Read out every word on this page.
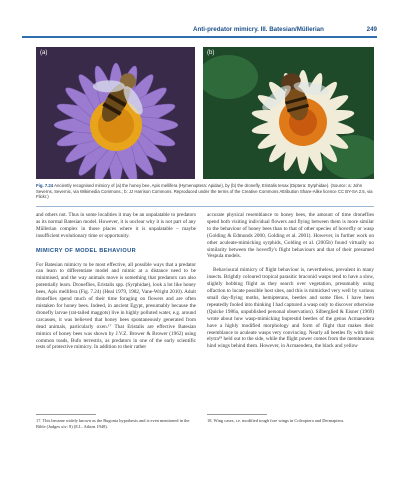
Anti-predator mimicry. III. Batesian/Müllerian	249
(a)	(b)
Fig. 7.24 Anciently recognised mimicry of (a) the honey bee, Apis mellifera (Hymenoptera: Apidae), by (b) the dronefly, Eristalis tenax (Diptera: Syrphidae). (Source: a: John Severns, Severnic, via Wikimedia Commons.; b: JJ Harrison Commons. Reproduced under the terms of the Creative Commons Attribution Share-Alike licence CC BY-SA 2.5, via Flickr.)

and others not. Thus in some localities it may be an unpalatable to predators as its normal Batesian model. However, it is unclear why it is not part of any Müllerian complex in those places where it is unpalatable – maybe insufficient evolutionary time or opportunity.

MIMICRY OF MODEL BEHAVIOUR

For Batesian mimicry to be most effective, all possible ways that a predator can learn to differentiate model and mimic at a distance need to be minimised, and the way animals move is something that predators can also potentially learn. Droneflies, Eristalis spp. (Syrphidae), look a lot like honey bees, Apis mellifera (Fig. 7.24) (Heal 1979, 1982, Vane-Wright 2010). Adult droneflies spend much of their time foraging on flowers and are often mistaken for honey bees. Indeed, in ancient Egypt, presumably because the dronefly larvae (rat-tailed maggots) live in highly polluted water, e.g. around carcasses, it was believed that honey bees spontaneously generated from dead animals, particularly oxen.¹⁷ That Eristalis are effective Batesian mimics of honey bees was shown by J.V.Z. Brower & Brower (1962) using common toads, Bufo terrestris, as predators in one of the early scientific tests of protective mimicry. In addition to their rather

accurate physical resemblance to honey bees, the amount of time droneflies spend both visiting individual flowers and flying between them is more similar to the behaviour of honey bees than to that of other species of hoverfly or wasp (Golding & Edmunds 2000, Golding et al. 2001). However, in further work on other aculeate-mimicking syrphids, Golding et al. (2005b) found virtually no similarity between the hoverfly's flight behaviours and that of their presumed Vespula models.

Behavioural mimicry of flight behaviour is, nevertheless, prevalent in many insects. Brightly coloured tropical parasitic braconid wasps tend to have a slow, slightly bobbing flight as they search over vegetation, presumably using olfaction to locate possible host sites, and this is mimicked very well by various small day-flying moths, hemipterans, beetles and some flies. I have been repeatedly fooled into thinking I had captured a wasp only to discover otherwise (Quicke 1986a, unpublished personal observation). Silberglied & Eisner (1969) wrote about how wasp-mimicking buprestid beetles of the genus Acmaeodera have a highly modified morphology and form of flight that makes their resemblance to aculeate wasps very convincing. Nearly all beetles fly with their elytra¹⁸ held out to the side, while the flight power comes from the membranous hind wings behind them. However, in Acmaeodera, the black and yellow

17. This became widely known as the Bugonia hypothesis and is even mentioned in the Bible (Judges xiv: 8) (E.L. Atkins 1948).
18. Wing cases, i.e. modified tough fore wings in Coleoptera and Dermaptera.
